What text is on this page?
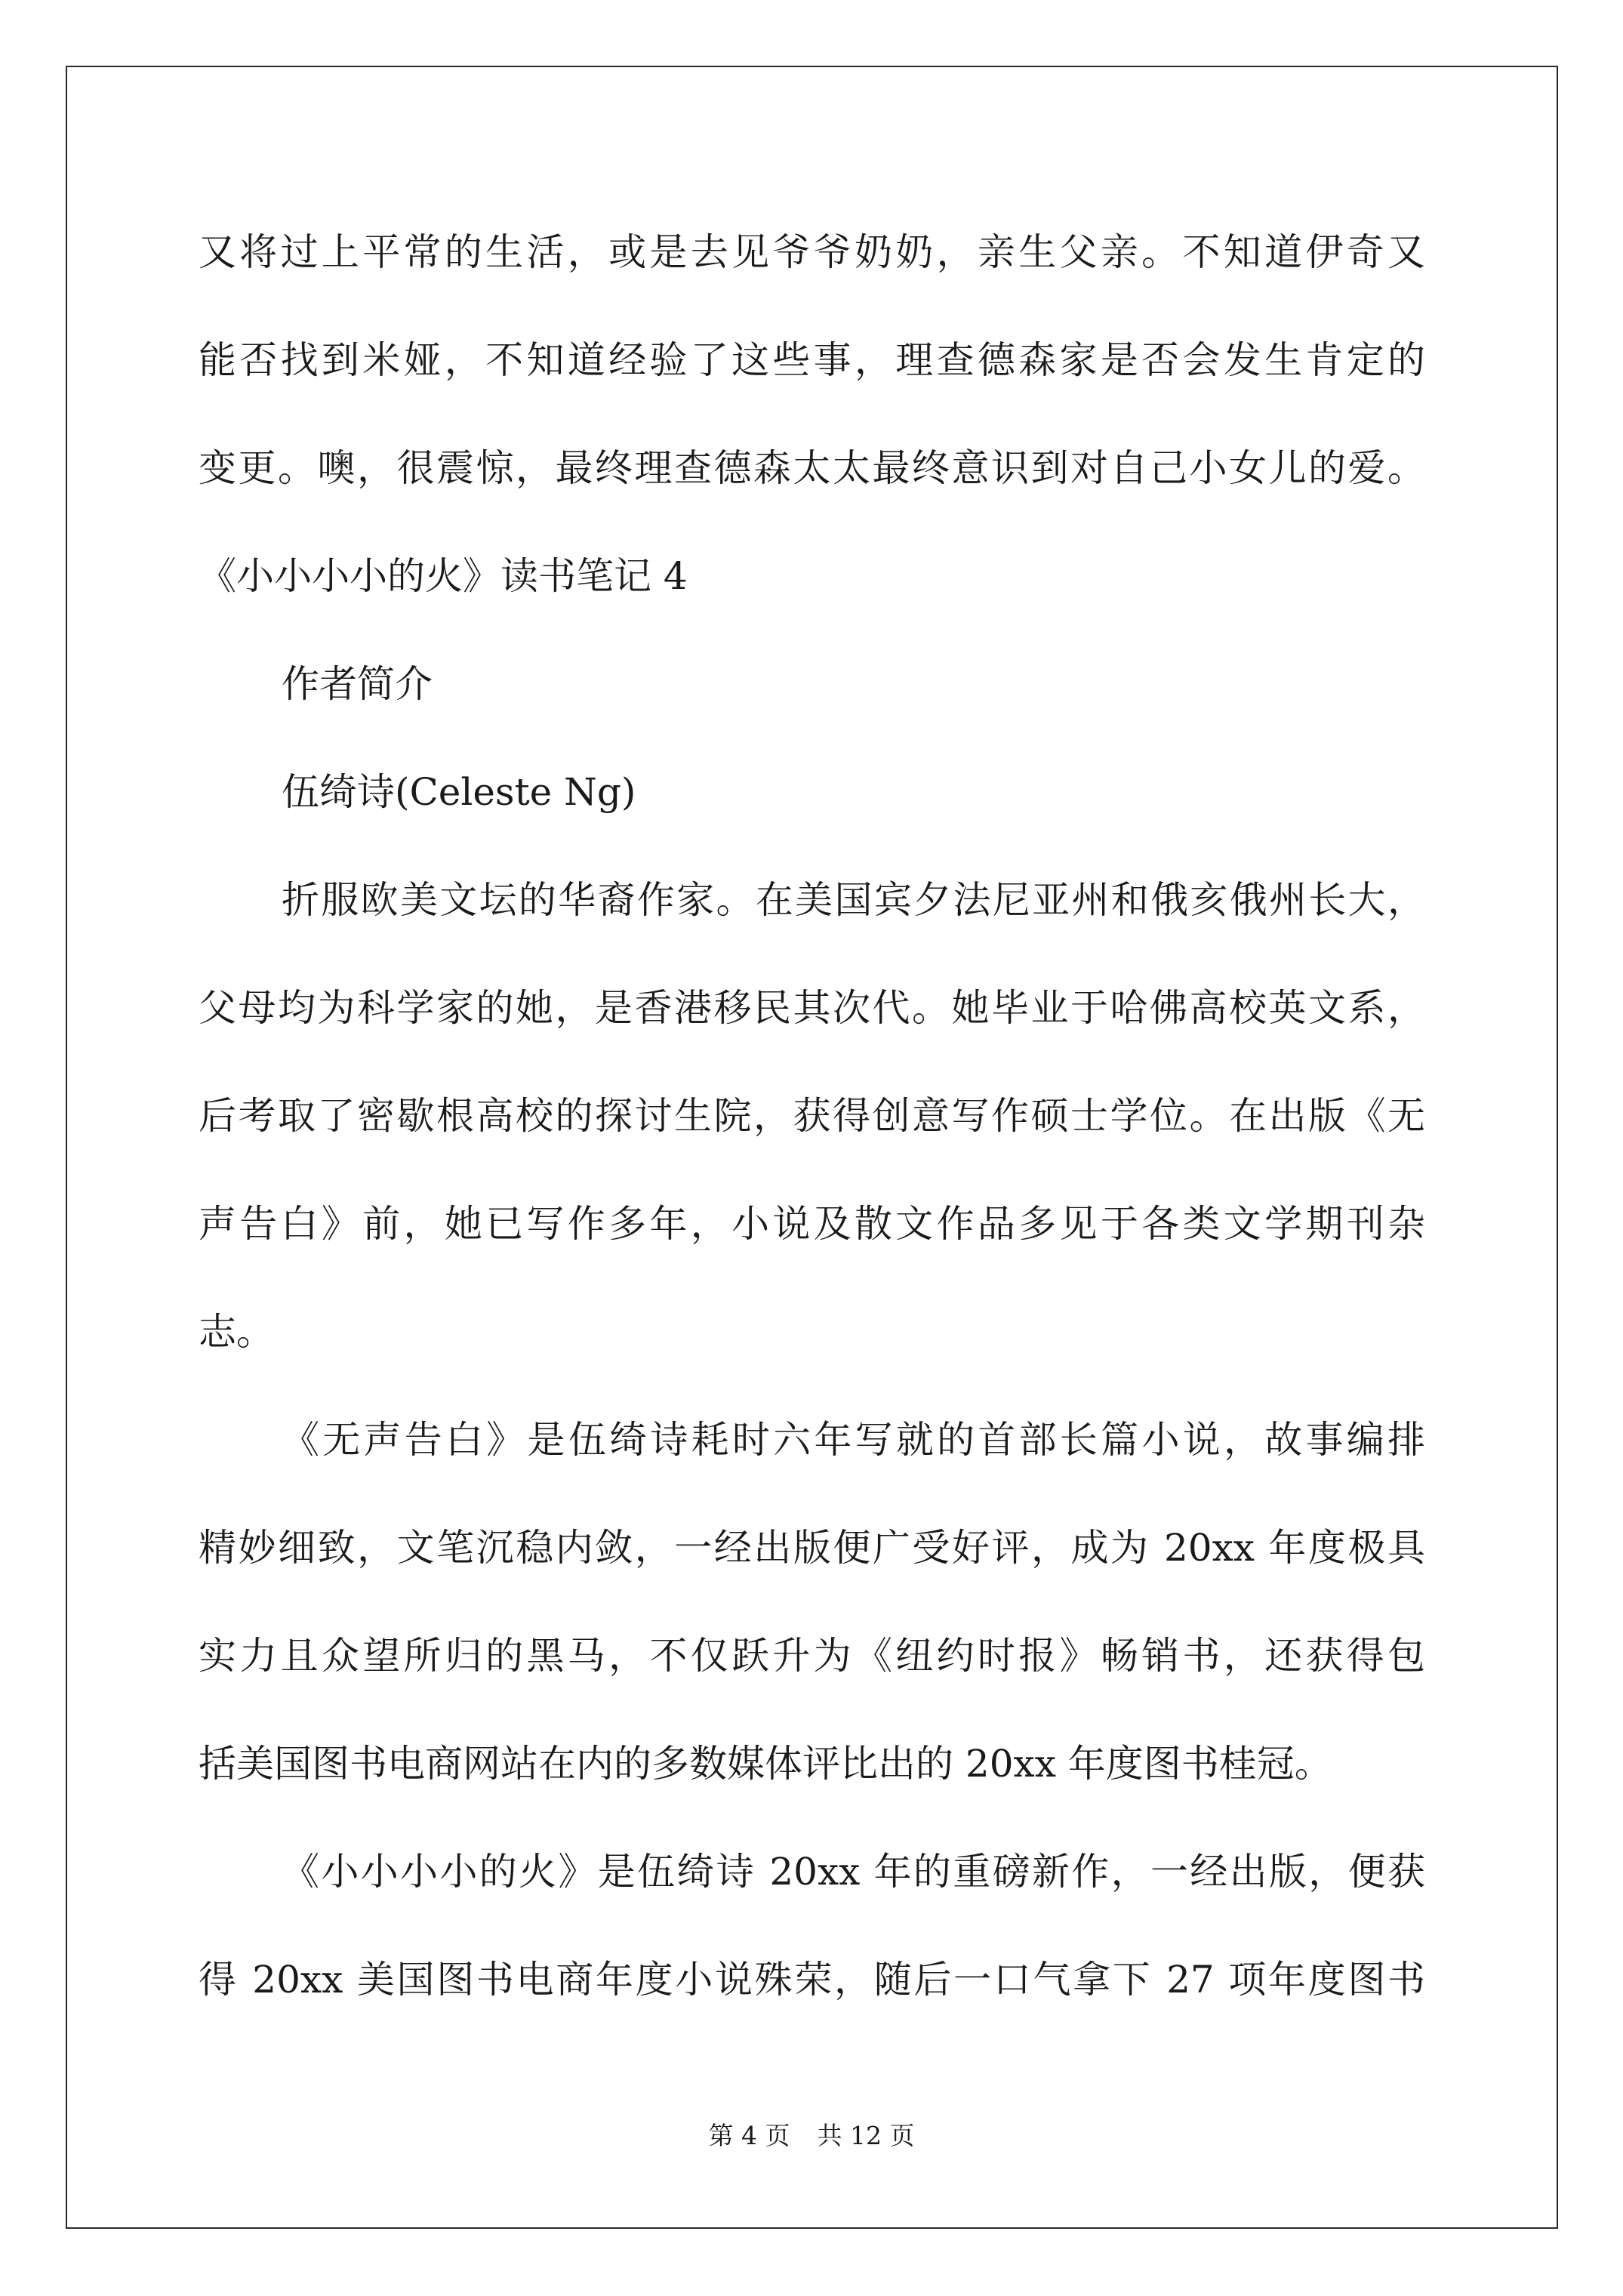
又将过上平常的生活，或是去见爷爷奶奶，亲生父亲。不知道伊奇又
能否找到米娅，不知道经验了这些事，理查德森家是否会发生肯定的
变更。噢，很震惊，最终理查德森太太最终意识到对自己小女儿的爱。
《小小小小的火》读书笔记 4
作者简介
伍绮诗(Celeste Ng)
折服欧美文坛的华裔作家。在美国宾夕法尼亚州和俄亥俄州长大，
父母均为科学家的她，是香港移民其次代。她毕业于哈佛高校英文系，
后考取了密歇根高校的探讨生院，获得创意写作硕士学位。在出版《无
声告白》前，她已写作多年，小说及散文作品多见于各类文学期刊杂
志。
《无声告白》是伍绮诗耗时六年写就的首部长篇小说，故事编排
精妙细致，文笔沉稳内敛，一经出版便广受好评，成为 20xx 年度极具
实力且众望所归的黑马，不仅跃升为《纽约时报》畅销书，还获得包
括美国图书电商网站在内的多数媒体评比出的 20xx 年度图书桂冠。
《小小小小的火》是伍绮诗 20xx 年的重磅新作，一经出版，便获
得 20xx 美国图书电商年度小说殊荣，随后一口气拿下 27 项年度图书
第 4 页 共 12 页
